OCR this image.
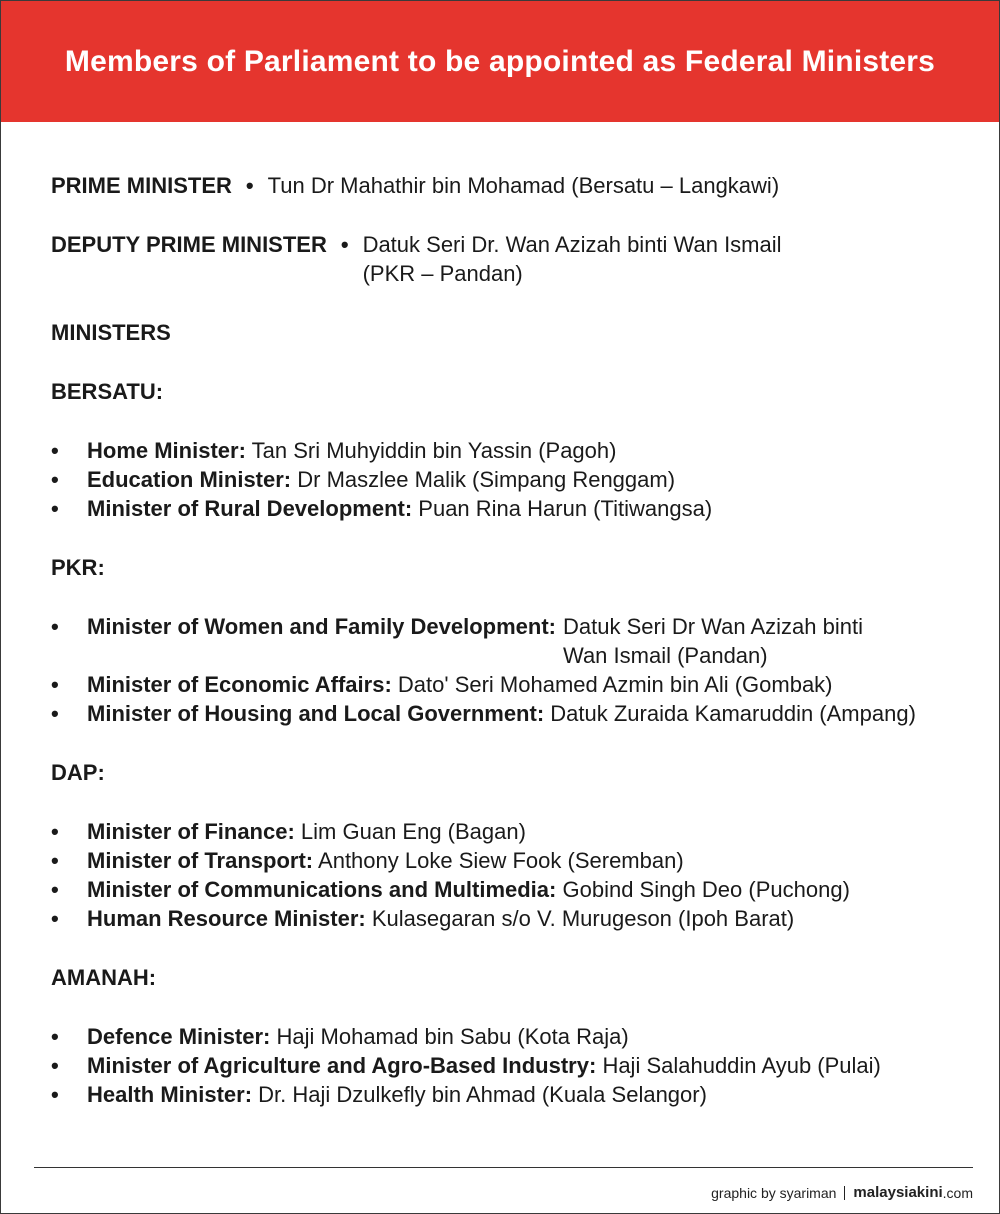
Members of Parliament to be appointed as Federal Ministers
PRIME MINISTER • Tun Dr Mahathir bin Mohamad (Bersatu – Langkawi)
DEPUTY PRIME MINISTER • Datuk Seri Dr. Wan Azizah binti Wan Ismail
(PKR – Pandan)
MINISTERS
BERSATU:
•	Home Minister: Tan Sri Muhyiddin bin Yassin (Pagoh)
•	Education Minister: Dr Maszlee Malik (Simpang Renggam)
•	Minister of Rural Development: Puan Rina Harun (Titiwangsa)
PKR:
•	Minister of Women and Family Development: Datuk Seri Dr Wan Azizah binti
Wan Ismail (Pandan)
•	Minister of Economic Affairs: Dato' Seri Mohamed Azmin bin Ali (Gombak)
•	Minister of Housing and Local Government: Datuk Zuraida Kamaruddin (Ampang)
DAP:
•	Minister of Finance: Lim Guan Eng (Bagan)
•	Minister of Transport: Anthony Loke Siew Fook (Seremban)
•	Minister of Communications and Multimedia: Gobind Singh Deo (Puchong)
•	Human Resource Minister: Kulasegaran s/o V. Murugeson (Ipoh Barat)
AMANAH:
•	Defence Minister: Haji Mohamad bin Sabu (Kota Raja)
•	Minister of Agriculture and Agro-Based Industry: Haji Salahuddin Ayub (Pulai)
•	Health Minister: Dr. Haji Dzulkefly bin Ahmad (Kuala Selangor)
graphic by syariman malaysiakini .com
